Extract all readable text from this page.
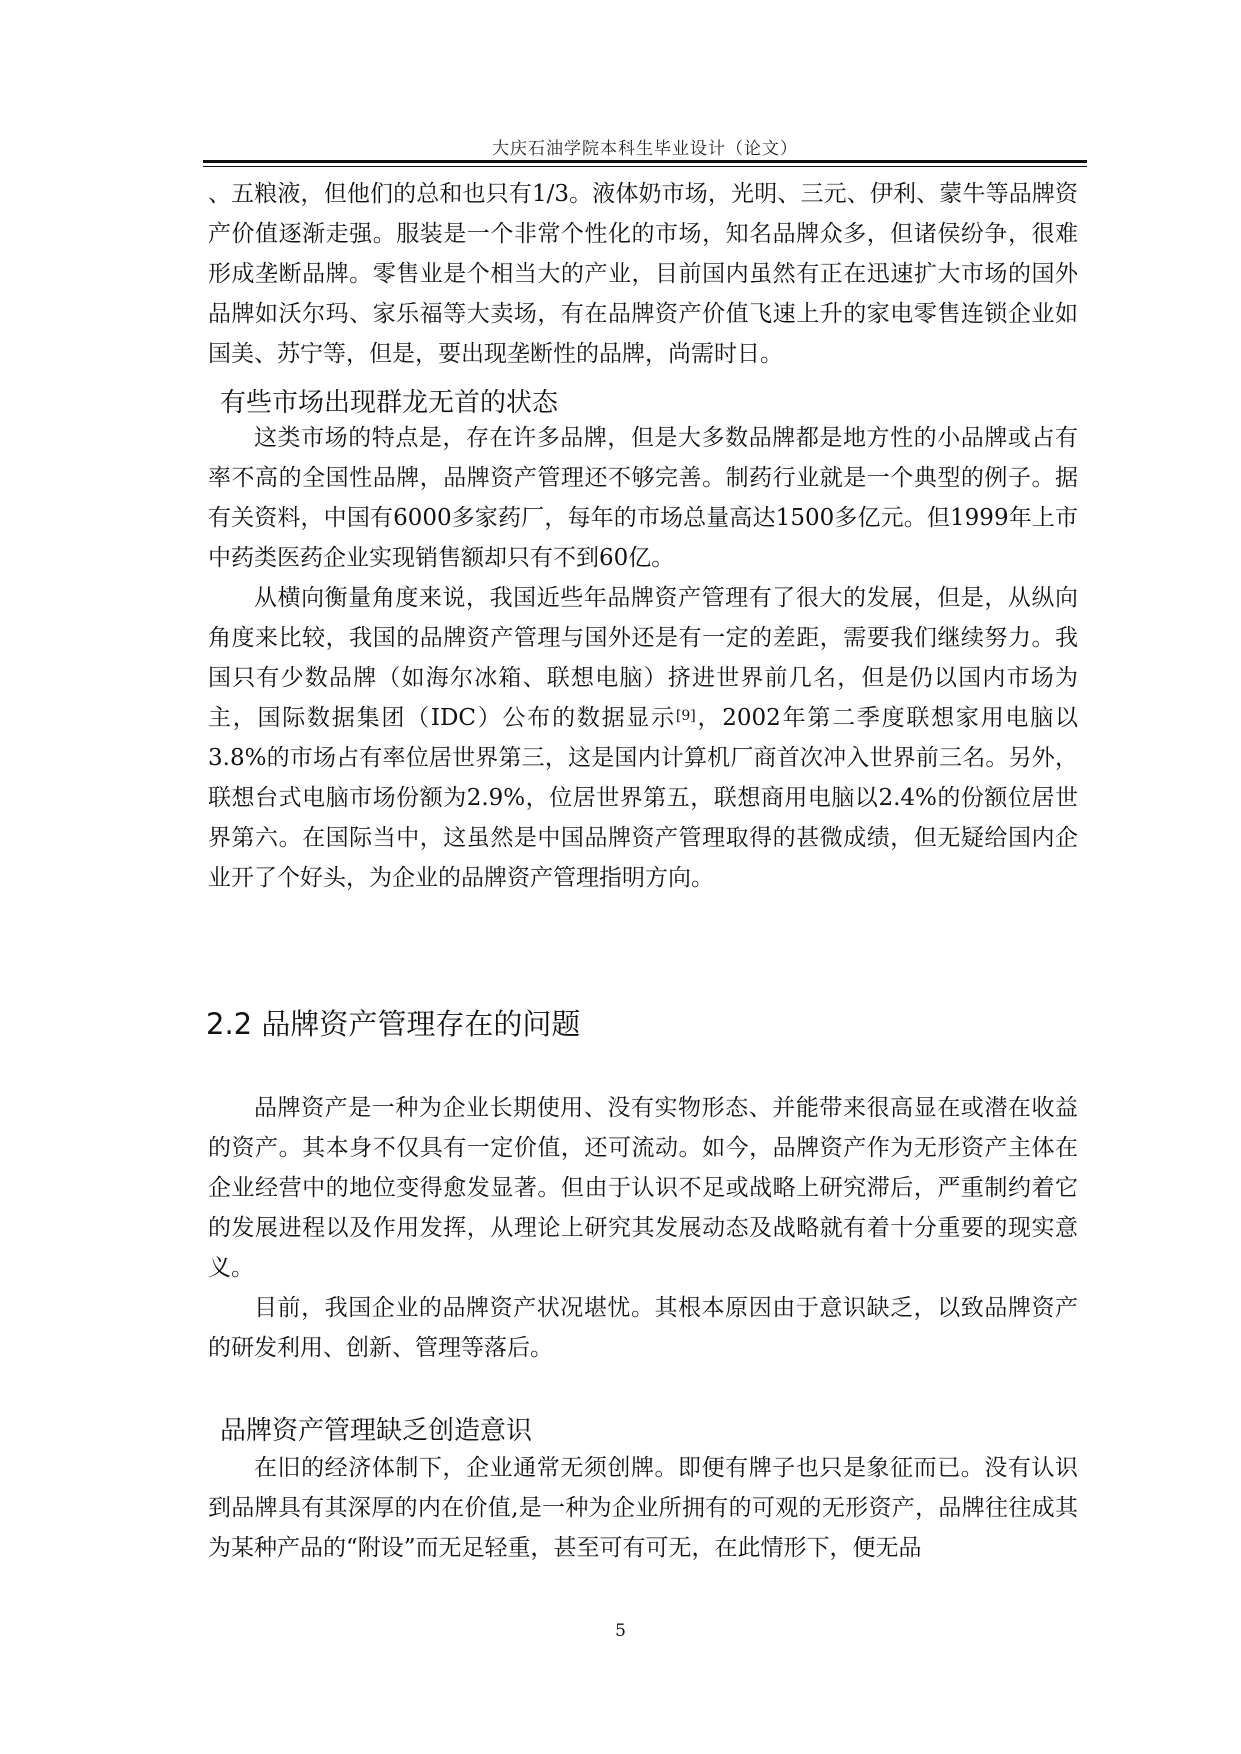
大庆石油学院本科生毕业设计（论文）

、五粮液，但他们的总和也只有1/3。液体奶市场，光明、三元、伊利、蒙牛等品牌资产价值逐渐走强。服装是一个非常个性化的市场，知名品牌众多，但诸侯纷争，很难形成垄断品牌。零售业是个相当大的产业，目前国内虽然有正在迅速扩大市场的国外品牌如沃尔玛、家乐福等大卖场，有在品牌资产价值飞速上升的家电零售连锁企业如国美、苏宁等，但是，要出现垄断性的品牌，尚需时日。

有些市场出现群龙无首的状态

这类市场的特点是，存在许多品牌，但是大多数品牌都是地方性的小品牌或占有率不高的全国性品牌，品牌资产管理还不够完善。制药行业就是一个典型的例子。据有关资料，中国有6000多家药厂，每年的市场总量高达1500多亿元。但1999年上市中药类医药企业实现销售额却只有不到60亿。

从横向衡量角度来说，我国近些年品牌资产管理有了很大的发展，但是，从纵向角度来比较，我国的品牌资产管理与国外还是有一定的差距，需要我们继续努力。我国只有少数品牌（如海尔冰箱、联想电脑）挤进世界前几名，但是仍以国内市场为主，国际数据集团（IDC）公布的数据显示[9]，2002年第二季度联想家用电脑以3.8%的市场占有率位居世界第三，这是国内计算机厂商首次冲入世界前三名。另外，联想台式电脑市场份额为2.9%，位居世界第五，联想商用电脑以2.4%的份额位居世界第六。在国际当中，这虽然是中国品牌资产管理取得的甚微成绩，但无疑给国内企业开了个好头，为企业的品牌资产管理指明方向。

2.2 品牌资产管理存在的问题

品牌资产是一种为企业长期使用、没有实物形态、并能带来很高显在或潜在收益的资产。其本身不仅具有一定价值，还可流动。如今，品牌资产作为无形资产主体在企业经营中的地位变得愈发显著。但由于认识不足或战略上研究滞后，严重制约着它的发展进程以及作用发挥，从理论上研究其发展动态及战略就有着十分重要的现实意义。

目前，我国企业的品牌资产状况堪忧。其根本原因由于意识缺乏，以致品牌资产的研发利用、创新、管理等落后。

品牌资产管理缺乏创造意识

在旧的经济体制下，企业通常无须创牌。即便有牌子也只是象征而已。没有认识到品牌具有其深厚的内在价值,是一种为企业所拥有的可观的无形资产，品牌往往成其为某种产品的“附设”而无足轻重，甚至可有可无，在此情形下，便无品

5
